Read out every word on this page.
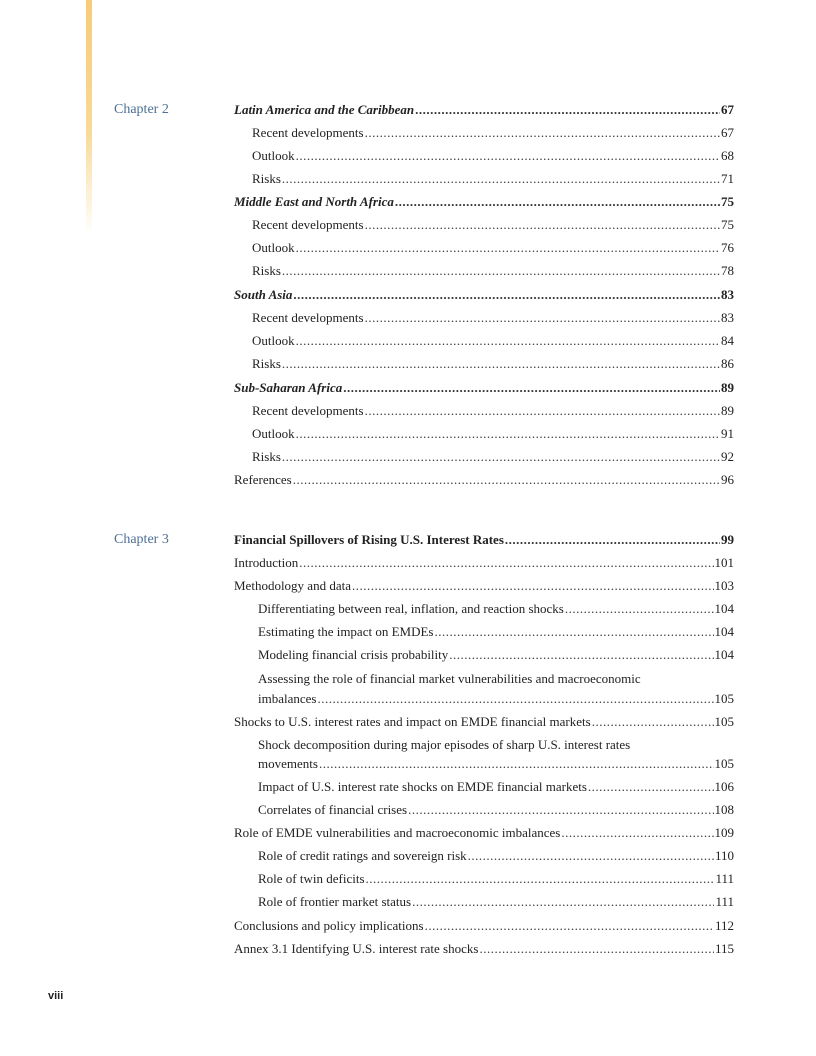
Chapter 2	Latin America and the Caribbean .....	67
Recent developments .....	67
Outlook .....	68
Risks .....	71
Middle East and North Africa .....	75
Recent developments .....	75
Outlook .....	76
Risks .....	78
South Asia .....	83
Recent developments .....	83
Outlook .....	84
Risks .....	86
Sub-Saharan Africa .....	89
Recent developments .....	89
Outlook .....	91
Risks .....	92
References .....	96
Chapter 3	Financial Spillovers of Rising U.S. Interest Rates .....	99
Introduction .....	101
Methodology and data .....	103
Differentiating between real, inflation, and reaction shocks .....	104
Estimating the impact on EMDEs .....	104
Modeling financial crisis probability .....	104
Assessing the role of financial market vulnerabilities and macroeconomic
imbalances .....	105
Shocks to U.S. interest rates and impact on EMDE financial markets .....	105
Shock decomposition during major episodes of sharp U.S. interest rates
movements .....	105
Impact of U.S. interest rate shocks on EMDE financial markets .....	106
Correlates of financial crises .....	108
Role of EMDE vulnerabilities and macroeconomic imbalances .....	109
Role of credit ratings and sovereign risk .....	110
Role of twin deficits .....	111
Role of frontier market status .....	111
Conclusions and policy implications .....	112
Annex 3.1 Identifying U.S. interest rate shocks .....	115
viii
